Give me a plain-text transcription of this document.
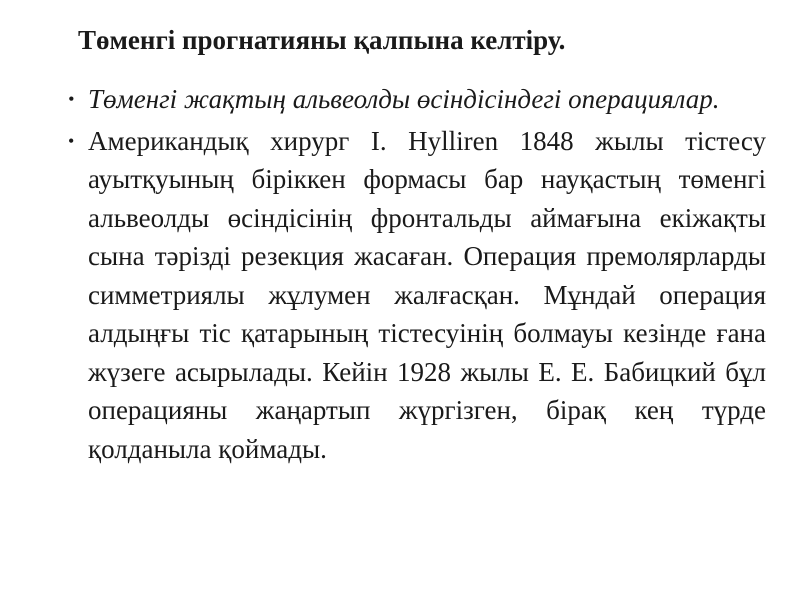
Төменгі прогнатияны қалпына келтіру.
• Төменгі жақтың альвеолды өсіндісіндегі операциялар.
• Американдық хирург I. Hylliren 1848 жылы тістесу ауытқуының біріккен формасы бар науқастың төменгі альвеолды өсіндісінің фронтальды аймағына екіжақты сына тәрізді резекция жасаған. Операция премолярларды симметриялы жұлумен жалғасқан. Мұндай операция алдыңғы тіс қатарының тістесуінің болмауы кезінде ғана жүзеге асырылады. Кейін 1928 жылы Е. Е. Бабицкий бұл операцияны жаңартып жүргізген, бірақ кең түрде қолданыла қоймады.
